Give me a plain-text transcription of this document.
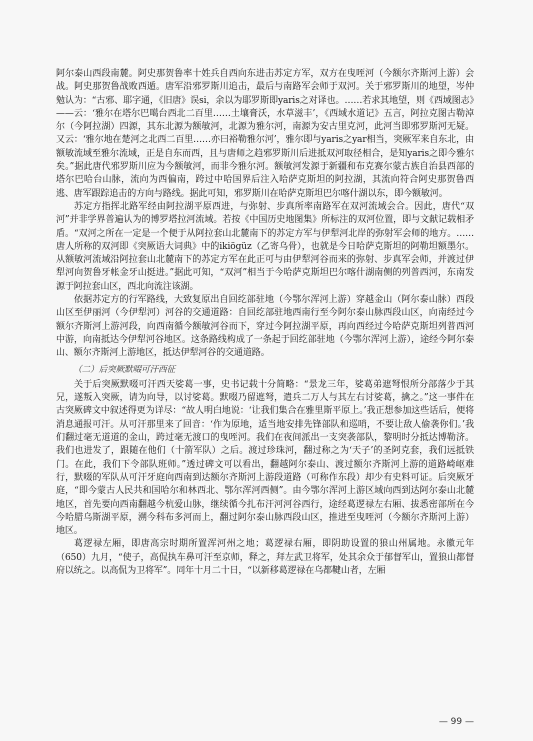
阿尔泰山西段南麓。阿史那贺鲁率十姓兵自西向东进击苏定方军，双方在曳咥河（今额尔齐斯河上游）会战。阿史那贺鲁战败西遁。唐军沿邪罗斯川追击，最后与南路军会师于双河。关于邪罗斯川的地望，岑仲勉认为：“古邪、耶字通，《旧唐》误si，余以为耶罗斯即yaris之对译也。……若求其地望，则《西域图志》——云：‘雅尔在塔尔巴噶台西北二百里……土壤膏沃，水草滋丰’，《西域水道记》五言，阿拉克图古勒淖尔（今阿拉湖）四源，其东北源为额敏河，北源为雅尔河，南源为安古里克河，此河当即邪罗斯河无疑。又云：‘雅尔地在楚河之北西二百里……亦曰裕勒雅尔河’，雅尔即与yaris之yar相当，突厥军来自东北，由额敏流域至雅尔流域，正是自东而西，且与唐师之趋邪罗斯川后进抵双河取径相合，是知yaris之即今雅尔矣。”据此唐代邪罗斯川应为今额敏河，而非今雅尔河。额敏河发源于新疆和布克赛尔蒙古族自治县西部的塔尔巴哈台山脉，流向为西偏南，跨过中哈国界后注入哈萨克斯坦的阿拉湖，其流向符合阿史那贺鲁西逃、唐军跟踪追击的方向与路线。据此可知，邪罗斯川在哈萨克斯坦巴尔喀什湖以东，即今额敏河。

苏定方指挥北路军经由阿拉湖平原西进，与弥射、步真所率南路军在双河流域会合。因此，唐代“双河”并非学界普遍认为的博罗塔拉河流域。若按《中国历史地图集》所标注的双河位置，即与文献记载相矛盾。“双河之所在一定是一个便于从阿拉套山北麓南下的苏定方军与伊犁河北岸的弥射军会师的地方。……唐人所称的双河即《突厥语大词典》中的ikiögüz（乙寄乌骨），也就是今日哈萨克斯坦的阿勒坦额墨尔。从额敏河流域沿阿拉套山北麓南下的苏定方军在此正可与由伊犁河谷而来的弥射、步真军会师，并渡过伊犁河向贺鲁牙帐金牙山挺进。”据此可知，“双河”相当于今哈萨克斯坦巴尔喀什湖南侧的列普西河，东南发源于阿拉套山区，西北向流注该湖。

依据苏定方的行军路线，大致复原出自回纥部驻地（今鄂尔浑河上游）穿越金山（阿尔泰山脉）西段山区至伊丽河（今伊犁河）河谷的交通道路：自回纥部驻地西南行至今阿尔泰山脉西段山区，向南经过今额尔齐斯河上游河段，向西南循今额敏河谷而下，穿过今阿拉湖平原，再向西经过今哈萨克斯坦列普西河中游，向南抵达今伊犁河谷地区。这条路线构成了一条起于回纥部驻地（今鄂尔浑河上游），途经今阿尔泰山、额尔齐斯河上游地区，抵达伊犁河谷的交通道路。

（二）后突厥默啜可汗西征

关于后突厥默啜可汗西天娑葛一事，史书记载十分简略：“景龙三年，娑葛弟遮弩恨所分部落少于其兄，遂叛入突厥，请为向导，以讨娑葛。默啜乃留遮弩，遣兵二万人与其左右讨娑葛，擒之。”这一事件在古突厥碑文中叙述得更为详尽：“故人明白地说：‘让我们集合在雅里斯平原上。’我正想参加这些话后，便将消息通报可汗。从可汗那里来了回音：‘作为原地，适当地安排先锋部队和巡哨，不要让敌人偷袭你们。’我们翻过毫无道道的金山，跨过毫无渡口的曳咥河。我们在夜间派出一支突袭部队，黎明时分抵达博勒济。我们也进发了，跟随在他们（十箭军队）之后。渡过珍珠河，翻过称之为‘天子’的圣阿克套，我们远抵铁门。在此，我们下令部队班师。”透过碑文可以看出，翻越阿尔泰山、渡过额尔齐斯河上游的道路崎岖难行，默啜的军队从可汗牙庭向西南到达额尔齐斯河上游段道路（可称作东段）却少有史料可证。后突厥牙庭，“即今蒙古人民共和国哈尔和林西北、鄂尔浑河西侧”。由今鄂尔浑河上游区域向西到达阿尔泰山北麓地区，首先要向西南翻越今杭爱山脉，继续循今扎布汗河河谷西行，途经葛逻禄左右厢、拔悉密部所在今今哈腊乌斯湖平原，溯今科布多河而上，翻过阿尔泰山脉西段山区，推进至曳咥河（今额尔齐斯河上游）地区。

葛逻禄左厢，即唐高宗时期所置浑河州之地；葛逻禄右厢，即阴助设置的狼山州属地。永徽元年（650）九月，“使子，高侃执车鼻可汗至京师，释之，拜左武卫将军，处其余众于郁督军山，置狼山都督府以统之。以高侃为卫将军”。同年十月二十日，“以新移葛逻禄在乌都鞬山者，左厢

— 99 —
